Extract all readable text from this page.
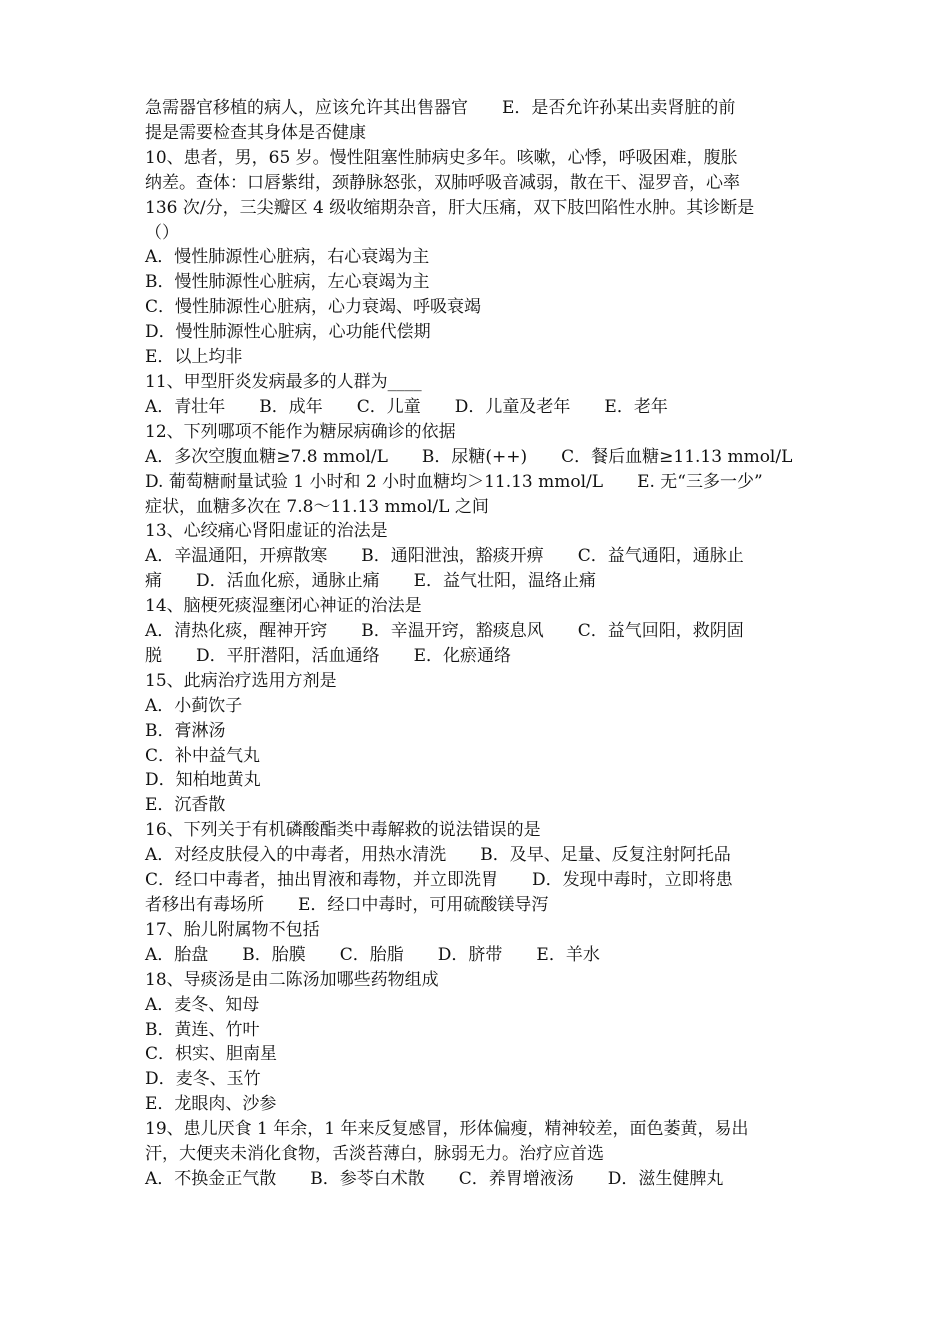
急需器官移植的病人，应该允许其出售器官　　E．是否允许孙某出卖肾脏的前

提是需要检查其身体是否健康

10、患者，男，65 岁。慢性阻塞性肺病史多年。咳嗽，心悸，呼吸困难，腹胀

纳差。查体：口唇紫绀，颈静脉怒张，双肺呼吸音减弱，散在干、湿罗音，心率

136 次/分，三尖瓣区 4 级收缩期杂音，肝大压痛，双下肢凹陷性水肿。其诊断是

（）

A．慢性肺源性心脏病，右心衰竭为主

B．慢性肺源性心脏病，左心衰竭为主

C．慢性肺源性心脏病，心力衰竭、呼吸衰竭

D．慢性肺源性心脏病，心功能代偿期

E．以上均非

11、甲型肝炎发病最多的人群为____

A．青壮年　　B．成年　　C．儿童　　D．儿童及老年　　E．老年

12、下列哪项不能作为糖尿病确诊的依据

A．多次空腹血糖≥7.8 mmol/L　　B．尿糖(++)　　C．餐后血糖≥11.13 mmol/L

D. 葡萄糖耐量试验 1 小时和 2 小时血糖均＞11.13 mmol/L　　E. 无“三多一少”

症状，血糖多次在 7.8～11.13 mmol/L 之间

13、心绞痛心肾阳虚证的治法是

A．辛温通阳，开痹散寒　　B．通阳泄浊，豁痰开痹　　C．益气通阳，通脉止

痛　　D．活血化瘀，通脉止痛　　E．益气壮阳，温络止痛

14、脑梗死痰湿壅闭心神证的治法是

A．清热化痰，醒神开窍　　B．辛温开窍，豁痰息风　　C．益气回阳，救阴固

脱　　D．平肝潜阳，活血通络　　E．化瘀通络

15、此病治疗选用方剂是

A．小蓟饮子

B．膏淋汤

C．补中益气丸

D．知柏地黄丸

E．沉香散

16、下列关于有机磷酸酯类中毒解救的说法错误的是

A．对经皮肤侵入的中毒者，用热水清洗　　B．及早、足量、反复注射阿托品

C．经口中毒者，抽出胃液和毒物，并立即洗胃　　D．发现中毒时，立即将患

者移出有毒场所　　E．经口中毒时，可用硫酸镁导泻

17、胎儿附属物不包括

A．胎盘　　B．胎膜　　C．胎脂　　D．脐带　　E．羊水

18、导痰汤是由二陈汤加哪些药物组成

A．麦冬、知母

B．黄连、竹叶

C．枳实、胆南星

D．麦冬、玉竹

E．龙眼肉、沙参

19、患儿厌食 1 年余，1 年来反复感冒，形体偏瘦，精神较差，面色萎黄，易出

汗，大便夹未消化食物，舌淡苔薄白，脉弱无力。治疗应首选

A．不换金正气散　　B．参苓白术散　　C．养胃增液汤　　D．滋生健脾丸
